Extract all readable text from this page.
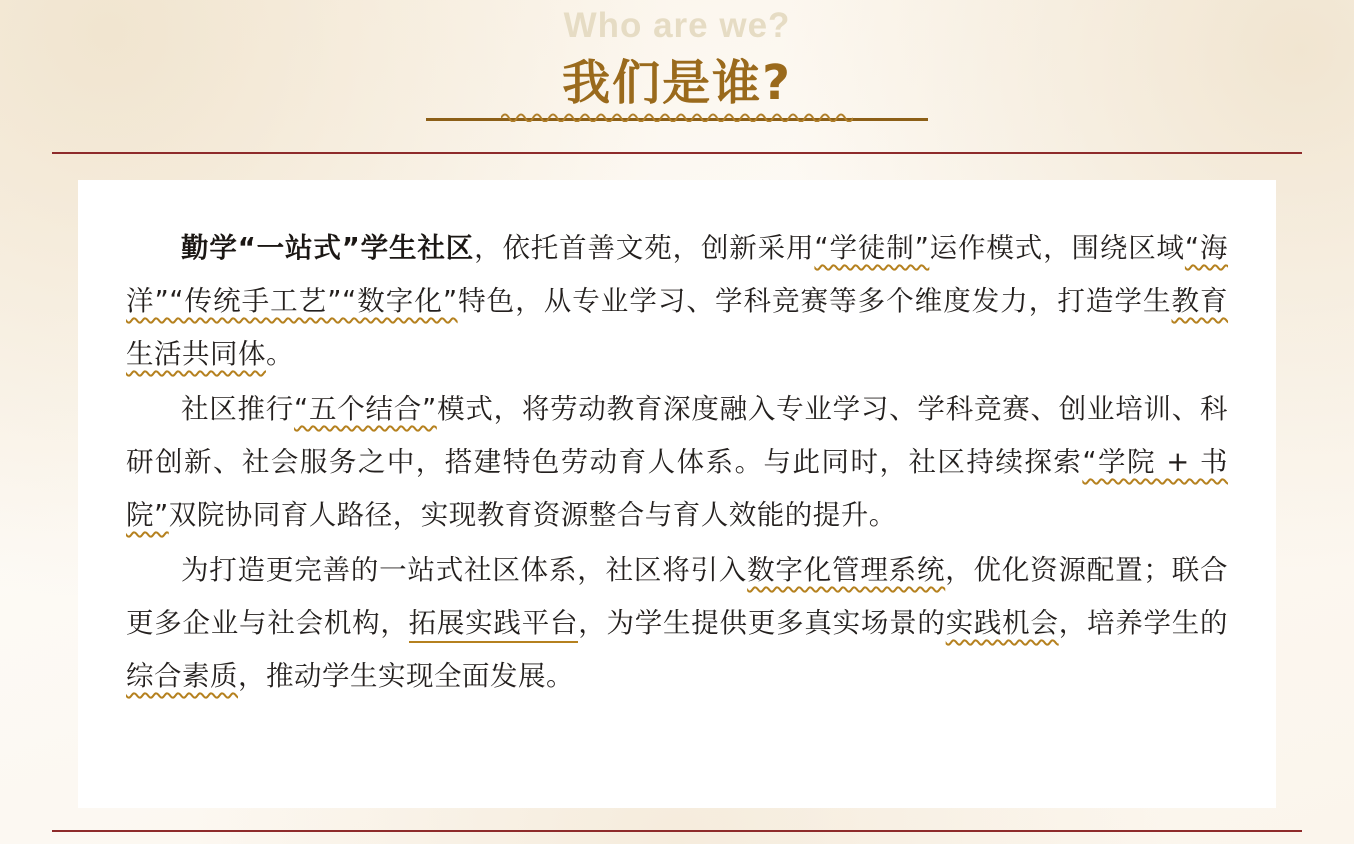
Who are we?
我们是谁?

勤学“一站式”学生社区，依托首善文苑，创新采用“学徒制”运作模式，围绕区域“海洋”“传统手工艺”“数字化”特色，从专业学习、学科竞赛等多个维度发力，打造学生教育生活共同体。

社区推行“五个结合”模式，将劳动教育深度融入专业学习、学科竞赛、创业培训、科研创新、社会服务之中，搭建特色劳动育人体系。与此同时，社区持续探索“学院 + 书院”双院协同育人路径，实现教育资源整合与育人效能的提升。

为打造更完善的一站式社区体系，社区将引入数字化管理系统，优化资源配置；联合更多企业与社会机构，拓展实践平台，为学生提供更多真实场景的实践机会，培养学生的综合素质，推动学生实现全面发展。
